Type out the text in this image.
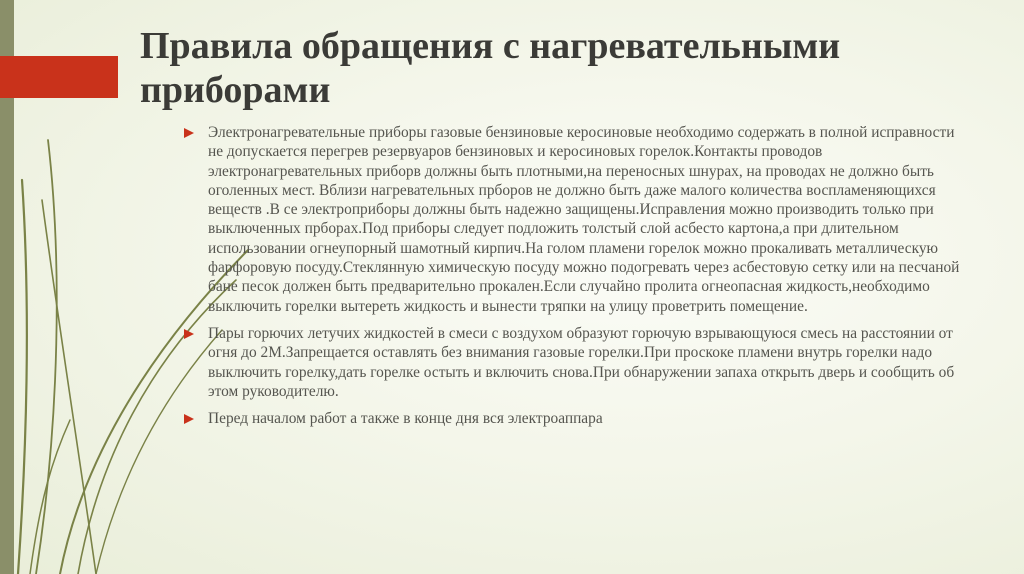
Правила обращения с нагревательными приборами
Электронагревательные приборы газовые бензиновые керосиновые необходимо содержать в полной исправности не допускается перегрев резервуаров бензиновых и керосиновых горелок.Контакты проводов электронагревательных приборв должны быть плотными,на переносных шнурах, на проводах не должно быть оголенных мест. Вблизи нагревательных прборов не должно быть даже малого количества воспламеняющихся веществ .В се электроприборы должны быть надежно защищены.Исправления можно производить только при выключенных прборах.Под приборы следует подложить толстый слой асбесто картона,а при длительном использовании огнеупорный шамотный кирпич.На голом пламени горелок можно прокаливать металлическую фарфоровую посуду.Стеклянную химическую посуду можно подогревать через асбестовую сетку или на песчаной бане песок должен быть предварительно прокален.Если случайно пролита огнеопасная жидкость,необходимо выключить горелки вытереть жидкость и вынести тряпки на улицу проветрить помещение.
Пары горючих летучих жидкостей в смеси с воздухом образуют горючую взрывающуюся смесь на расстоянии от огня до 2М.Запрещается оставлять без внимания газовые горелки.При проскоке пламени внутрь горелки надо выключить горелку,дать горелке остыть и включить снова.При обнаружении запаха открыть дверь и сообщить об этом руководителю.
Перед началом работ а также в конце дня вся электроаппара
